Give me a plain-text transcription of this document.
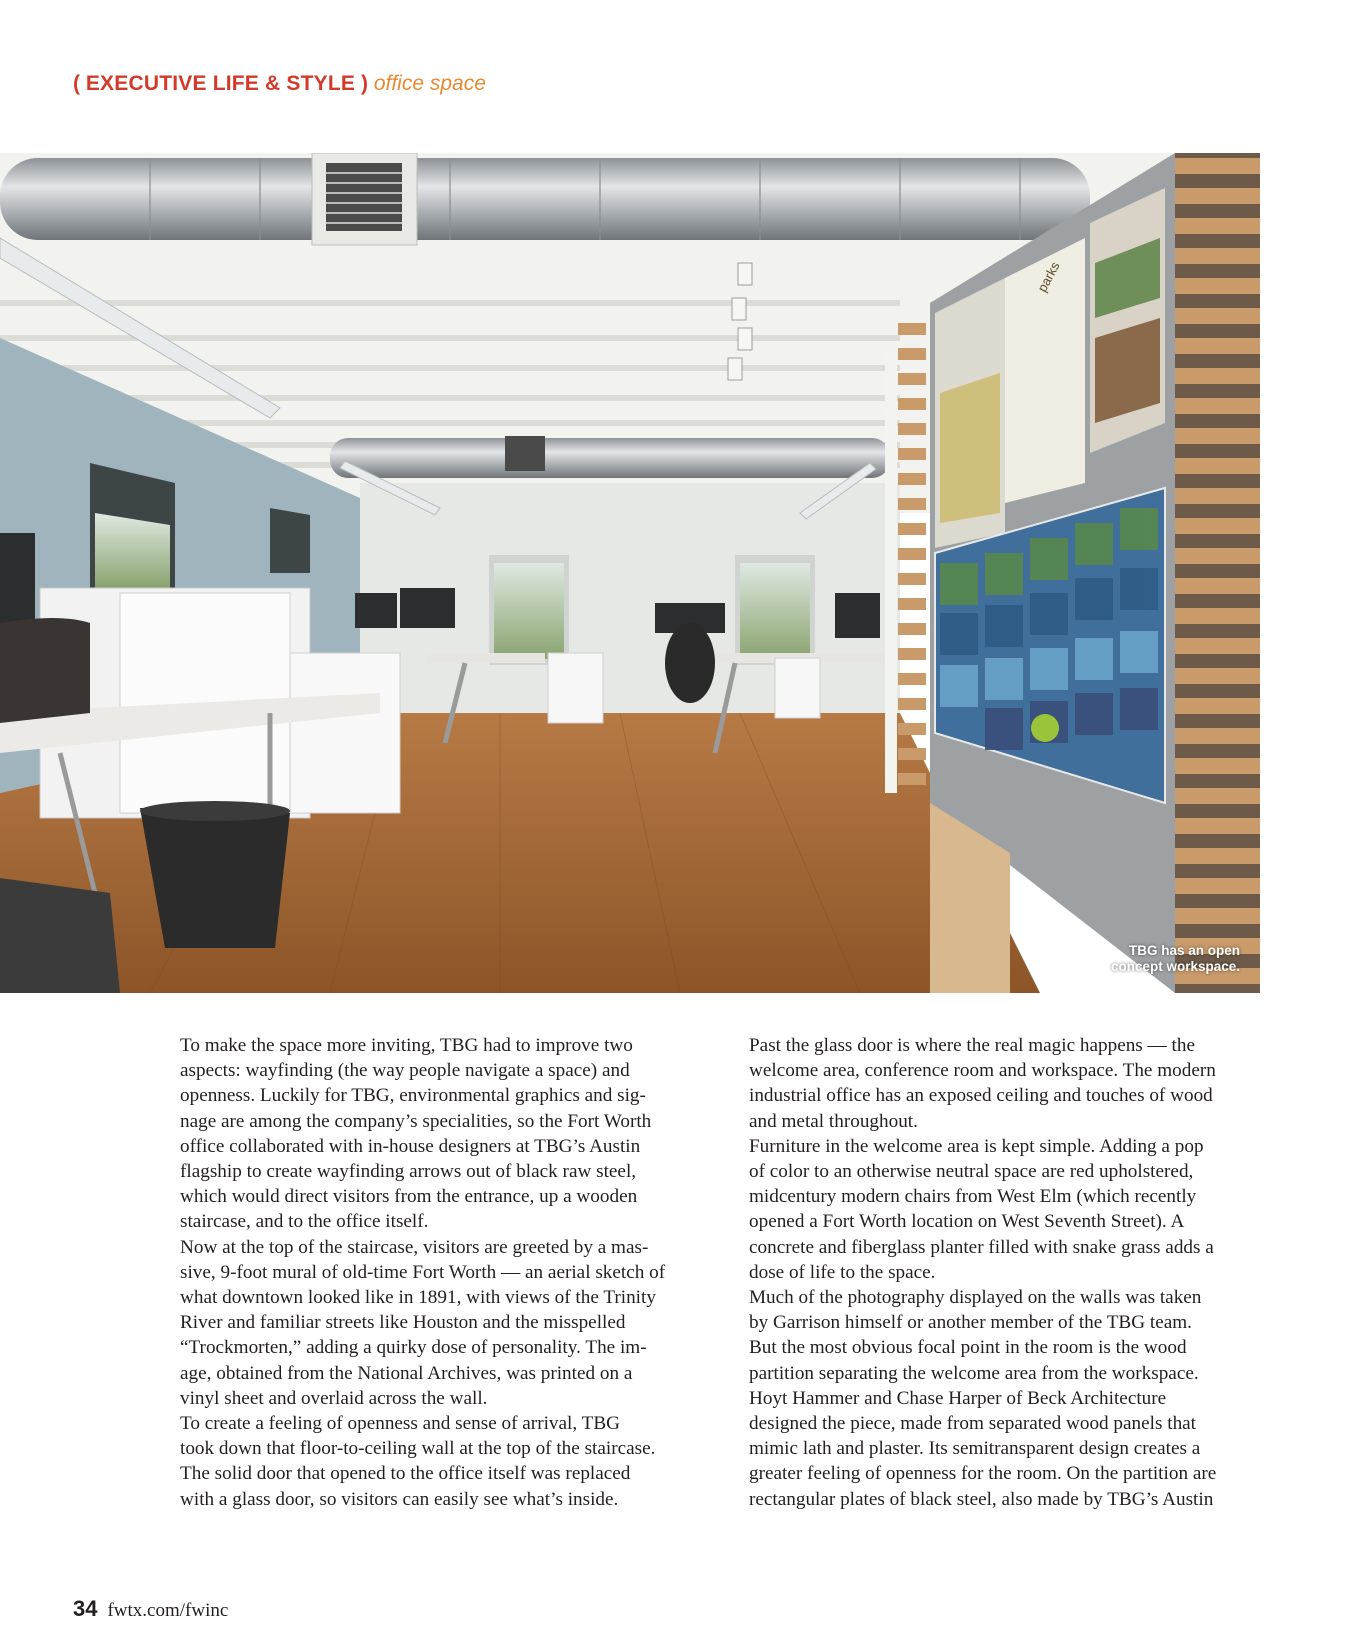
( EXECUTIVE LIFE & STYLE ) office space
parks
TBG has an open
concept workspace.

To make the space more inviting, TBG had to improve two
aspects: wayfinding (the way people navigate a space) and
openness. Luckily for TBG, environmental graphics and sig-
nage are among the company’s specialities, so the Fort Worth
office collaborated with in-house designers at TBG’s Austin
flagship to create wayfinding arrows out of black raw steel,
which would direct visitors from the entrance, up a wooden
staircase, and to the office itself.

Now at the top of the staircase, visitors are greeted by a mas-
sive, 9-foot mural of old-time Fort Worth — an aerial sketch of
what downtown looked like in 1891, with views of the Trinity
River and familiar streets like Houston and the misspelled
“Trockmorten,” adding a quirky dose of personality. The im-
age, obtained from the National Archives, was printed on a
vinyl sheet and overlaid across the wall.

To create a feeling of openness and sense of arrival, TBG
took down that floor-to-ceiling wall at the top of the staircase.
The solid door that opened to the office itself was replaced
with a glass door, so visitors can easily see what’s inside.

Past the glass door is where the real magic happens — the
welcome area, conference room and workspace. The modern
industrial office has an exposed ceiling and touches of wood
and metal throughout.

Furniture in the welcome area is kept simple. Adding a pop
of color to an otherwise neutral space are red upholstered,
midcentury modern chairs from West Elm (which recently
opened a Fort Worth location on West Seventh Street). A
concrete and fiberglass planter filled with snake grass adds a
dose of life to the space.

Much of the photography displayed on the walls was taken
by Garrison himself or another member of the TBG team.
But the most obvious focal point in the room is the wood
partition separating the welcome area from the workspace.
Hoyt Hammer and Chase Harper of Beck Architecture
designed the piece, made from separated wood panels that
mimic lath and plaster. Its semitransparent design creates a
greater feeling of openness for the room. On the partition are
rectangular plates of black steel, also made by TBG’s Austin

34 fwtx.com/fwinc
